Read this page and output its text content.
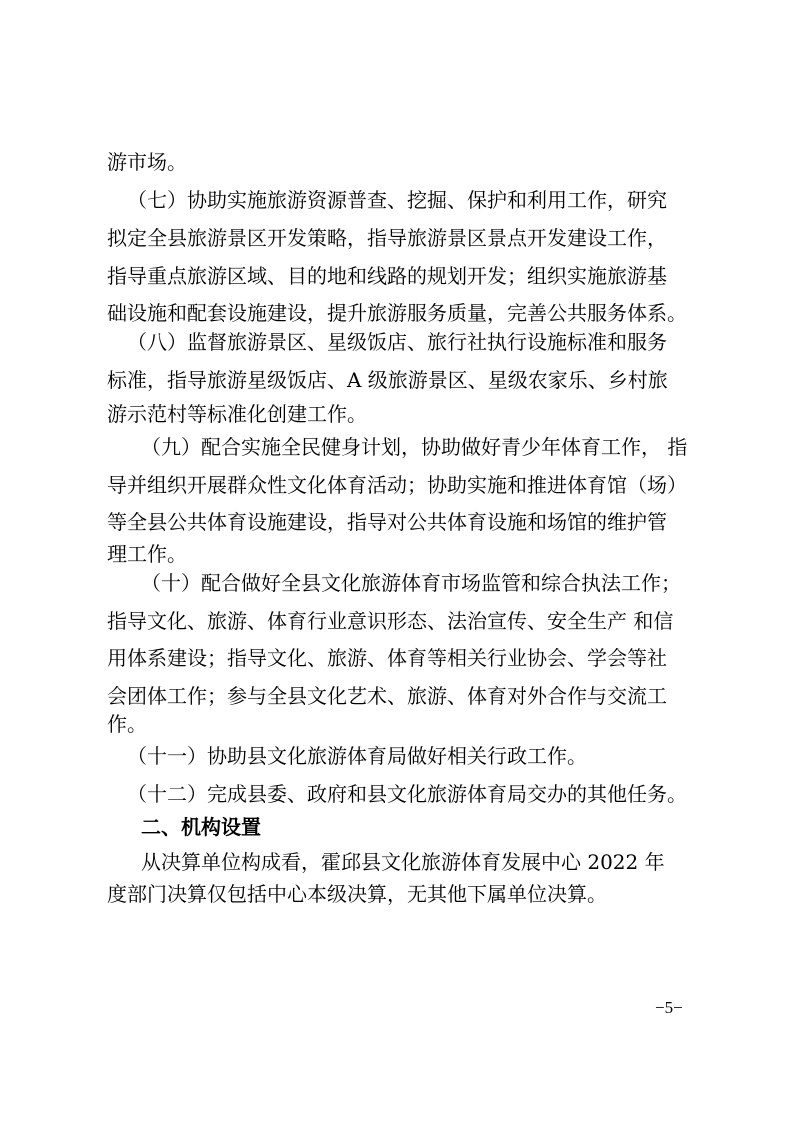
游市场。
（七）协助实施旅游资源普查、挖掘、保护和利用工作，研究
拟定全县旅游景区开发策略，指导旅游景区景点开发建设工作，
指导重点旅游区域、目的地和线路的规划开发；组织实施旅游基
础设施和配套设施建设，提升旅游服务质量，完善公共服务体系。
（八）监督旅游景区、星级饭店、旅行社执行设施标准和服务
标准，指导旅游星级饭店、A 级旅游景区、星级农家乐、乡村旅
游示范村等标准化创建工作。
（九）配合实施全民健身计划，协助做好青少年体育工作， 指
导并组织开展群众性文化体育活动；协助实施和推进体育馆（场）
等全县公共体育设施建设，指导对公共体育设施和场馆的维护管
理工作。
（十）配合做好全县文化旅游体育市场监管和综合执法工作；
指导文化、旅游、体育行业意识形态、法治宣传、安全生产 和信
用体系建设；指导文化、旅游、体育等相关行业协会、学会等社
会团体工作；参与全县文化艺术、旅游、体育对外合作与交流工
作。
（十一）协助县文化旅游体育局做好相关行政工作。
（十二）完成县委、政府和县文化旅游体育局交办的其他任务。
二、机构设置
从决算单位构成看，霍邱县文化旅游体育发展中心 2022 年
度部门决算仅包括中心本级决算，无其他下属单位决算。
−5−
